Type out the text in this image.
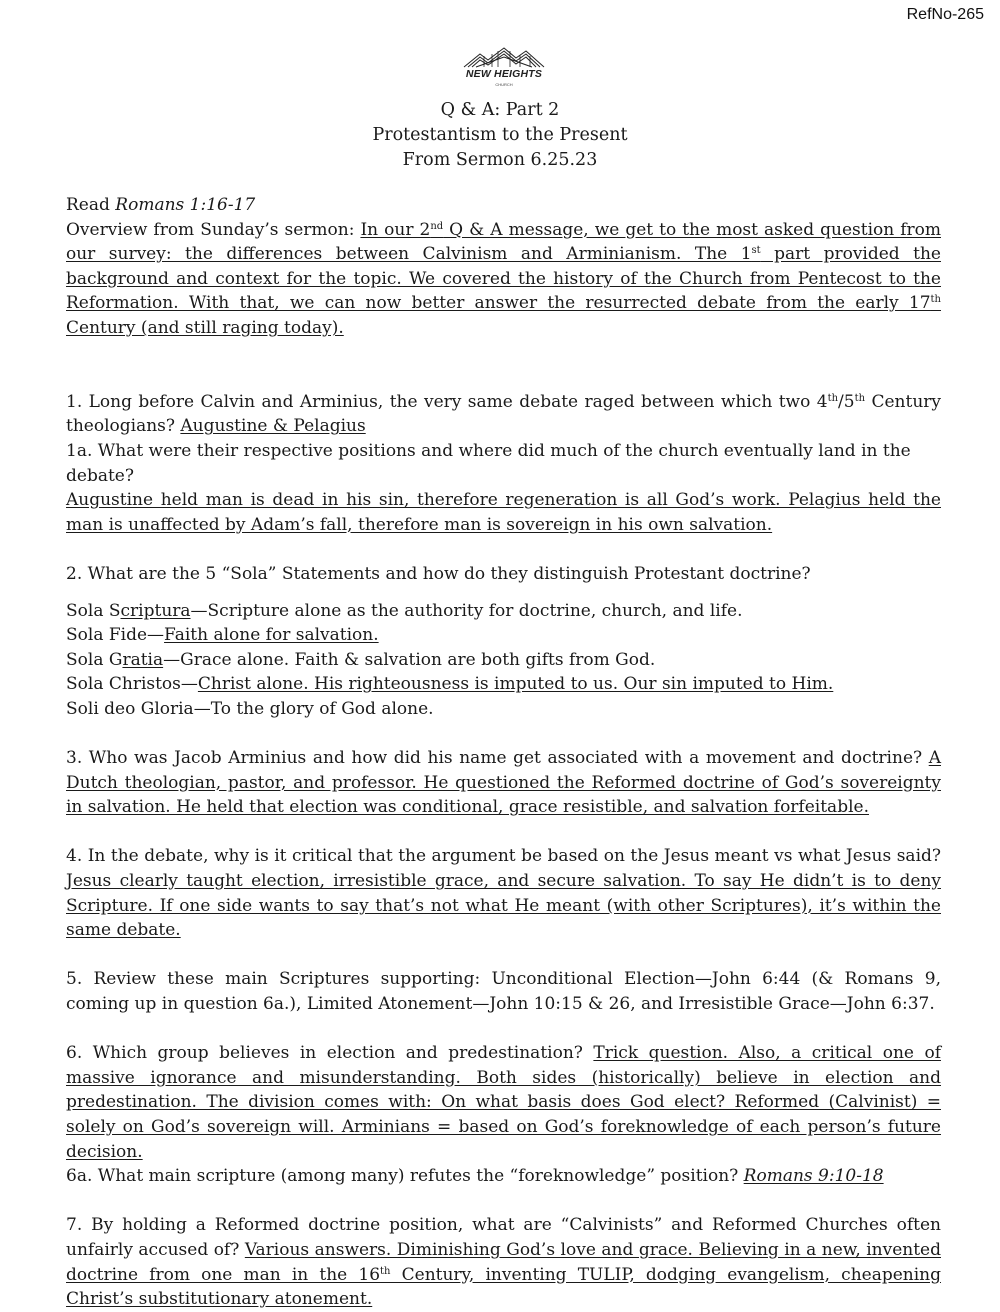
RefNo-265
NEW HEIGHTS
CHURCH
Q & A: Part 2
Protestantism to the Present
From Sermon 6.25.23

Read Romans 1:16-17

Overview from Sunday’s sermon: In our 2nd Q & A message, we get to the most asked question from our survey: the differences between Calvinism and Arminianism. The 1st part provided the background and context for the topic. We covered the history of the Church from Pentecost to the Reformation. With that, we can now better answer the resurrected debate from the early 17th Century (and still raging today).

1. Long before Calvin and Arminius, the very same debate raged between which two 4th/5th Century theologians? Augustine & Pelagius

1a. What were their respective positions and where did much of the church eventually land in the debate?

Augustine held man is dead in his sin, therefore regeneration is all God’s work. Pelagius held the man is unaffected by Adam’s fall, therefore man is sovereign in his own salvation.

2. What are the 5 “Sola” Statements and how do they distinguish Protestant doctrine?

Sola Scriptura—Scripture alone as the authority for doctrine, church, and life.

Sola Fide—Faith alone for salvation.

Sola Gratia—Grace alone. Faith & salvation are both gifts from God.

Sola Christos—Christ alone. His righteousness is imputed to us. Our sin imputed to Him.

Soli deo Gloria—To the glory of God alone.

3. Who was Jacob Arminius and how did his name get associated with a movement and doctrine? A Dutch theologian, pastor, and professor. He questioned the Reformed doctrine of God’s sovereignty in salvation. He held that election was conditional, grace resistible, and salvation forfeitable.

4. In the debate, why is it critical that the argument be based on the Jesus meant vs what Jesus said? Jesus clearly taught election, irresistible grace, and secure salvation. To say He didn’t is to deny Scripture. If one side wants to say that’s not what He meant (with other Scriptures), it’s within the same debate.

5. Review these main Scriptures supporting: Unconditional Election—John 6:44 (& Romans 9, coming up in question 6a.), Limited Atonement—John 10:15 & 26, and Irresistible Grace—John 6:37.

6. Which group believes in election and predestination? Trick question. Also, a critical one of massive ignorance and misunderstanding. Both sides (historically) believe in election and predestination. The division comes with: On what basis does God elect? Reformed (Calvinist) = solely on God’s sovereign will. Arminians = based on God’s foreknowledge of each person’s future decision.

6a. What main scripture (among many) refutes the “foreknowledge” position? Romans 9:10-18

7. By holding a Reformed doctrine position, what are “Calvinists” and Reformed Churches often unfairly accused of? Various answers. Diminishing God’s love and grace. Believing in a new, invented doctrine from one man in the 16th Century, inventing TULIP, dodging evangelism, cheapening Christ’s substitutionary atonement.
